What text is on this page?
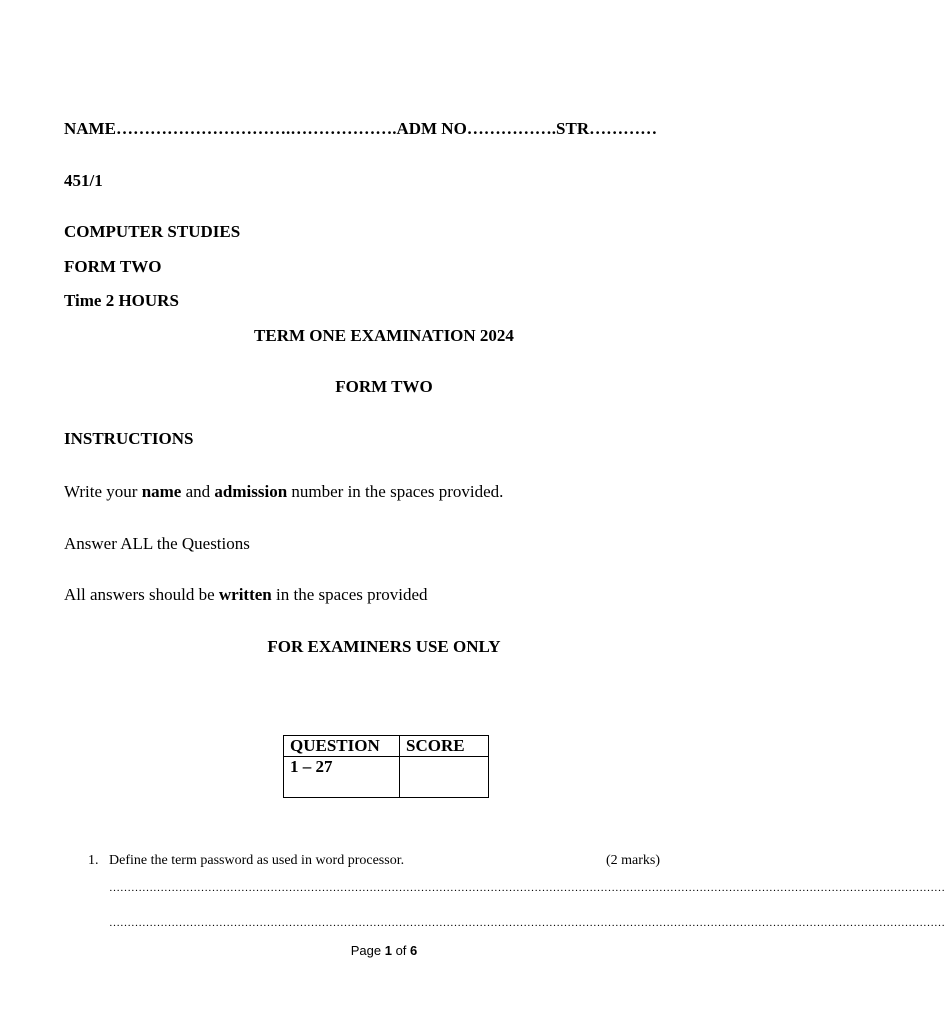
NAME………………………….……………….ADM NO…………….STR…………
451/1
COMPUTER STUDIES
FORM TWO
Time 2 HOURS
TERM ONE EXAMINATION 2024
FORM TWO
INSTRUCTIONS
Write your name and admission number in the spaces provided.
Answer ALL the Questions
All answers should be written in the spaces provided
FOR EXAMINERS USE ONLY
QUESTION	SCORE
1 – 27	
1. Define the term password as used in word processor.	(2 marks)
…………………………………………………………………………………………………………………………………………………………………………………………………………
…………………………………………………………………………………………………………………………………………………………………………………………………………
Page 1 of 6
